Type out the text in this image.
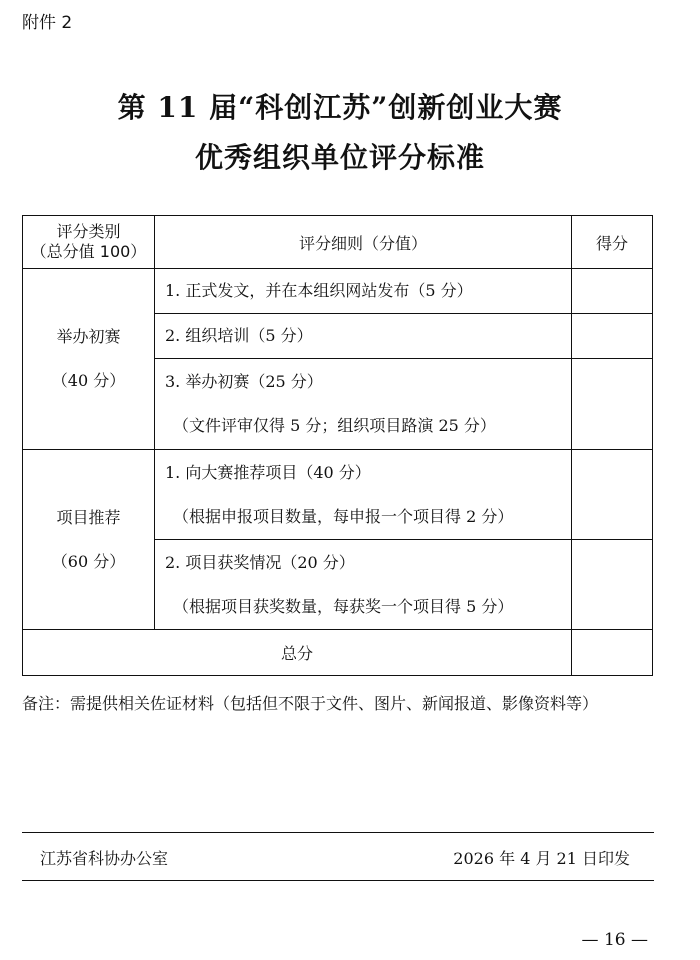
附件 2
第 11 届“科创江苏”创新创业大赛
优秀组织单位评分标准
评分类别
（总分值 100）	评分细则（分值）	得分

举办初赛
（40 分）	1. 正式发文，并在本组织网站发布（5 分）	

	2. 组织培训（5 分）	

	3. 举办初赛（25 分）
（文件评审仅得 5 分；组织项目路演 25 分）	

项目推荐
（60 分）	1. 向大赛推荐项目（40 分）
（根据申报项目数量，每申报一个项目得 2 分）	

	2. 项目获奖情况（20 分）
（根据项目获奖数量，每获奖一个项目得 5 分）	

总分		
备注：需提供相关佐证材料（包括但不限于文件、图片、新闻报道、影像资料等）
江苏省科协办公室	2026 年 4 月 21 日印发
— 16 —
